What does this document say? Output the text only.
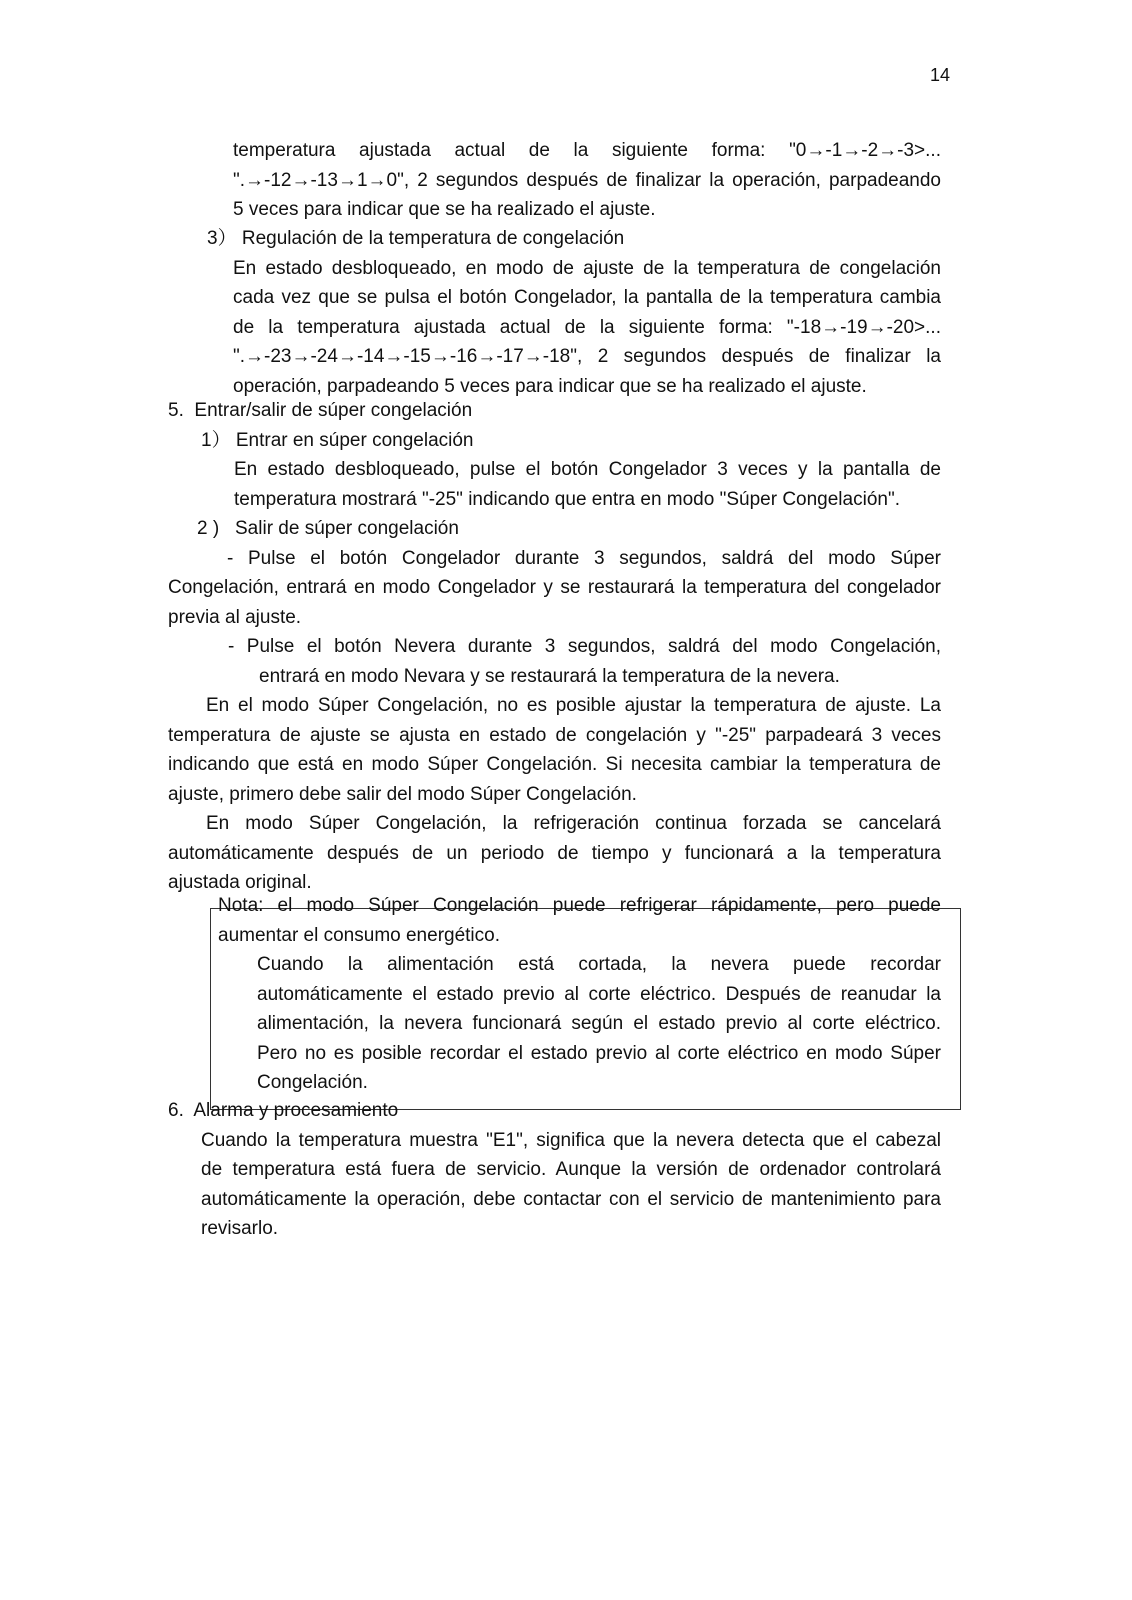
14
temperatura ajustada actual de la siguiente forma: "0→-1→-2→-3>...
".→-12→-13→1→0", 2 segundos después de finalizar la operación, parpadeando
5 veces para indicar que se ha realizado el ajuste.
3） Regulación de la temperatura de congelación
En estado desbloqueado, en modo de ajuste de la temperatura de congelación
cada vez que se pulsa el botón Congelador, la pantalla de la temperatura cambia
de la temperatura ajustada actual de la siguiente forma: "-18→-19→-20>...
".→-23→-24→-14→-15→-16→-17→-18", 2 segundos después de finalizar la
operación, parpadeando 5 veces para indicar que se ha realizado el ajuste.
5.  Entrar/salir de súper congelación
1） Entrar en súper congelación
En estado desbloqueado, pulse el botón Congelador 3 veces y la pantalla de
temperatura mostrará "-25" indicando que entra en modo "Súper Congelación".
2 )   Salir de súper congelación
- Pulse el botón Congelador durante 3 segundos, saldrá del modo Súper
Congelación, entrará en modo Congelador y se restaurará la temperatura del congelador
previa al ajuste.
- Pulse el botón Nevera durante 3 segundos, saldrá del modo Congelación,
entrará en modo Nevara y se restaurará la temperatura de la nevera.
En el modo Súper Congelación, no es posible ajustar la temperatura de ajuste. La
temperatura de ajuste se ajusta en estado de congelación y "-25" parpadeará 3 veces
indicando que está en modo Súper Congelación. Si necesita cambiar la temperatura de
ajuste, primero debe salir del modo Súper Congelación.
En modo Súper Congelación, la refrigeración continua forzada se cancelará
automáticamente después de un periodo de tiempo y funcionará a la temperatura
ajustada original.
Nota: el modo Súper Congelación puede refrigerar rápidamente, pero puede
aumentar el consumo energético.
Cuando la alimentación está cortada, la nevera puede recordar
automáticamente el estado previo al corte eléctrico. Después de reanudar la
alimentación, la nevera funcionará según el estado previo al corte eléctrico.
Pero no es posible recordar el estado previo al corte eléctrico en modo Súper
Congelación.
6.  Alarma y procesamiento
Cuando la temperatura muestra "E1", significa que la nevera detecta que el cabezal
de temperatura está fuera de servicio. Aunque la versión de ordenador controlará
automáticamente la operación, debe contactar con el servicio de mantenimiento para
revisarlo.
